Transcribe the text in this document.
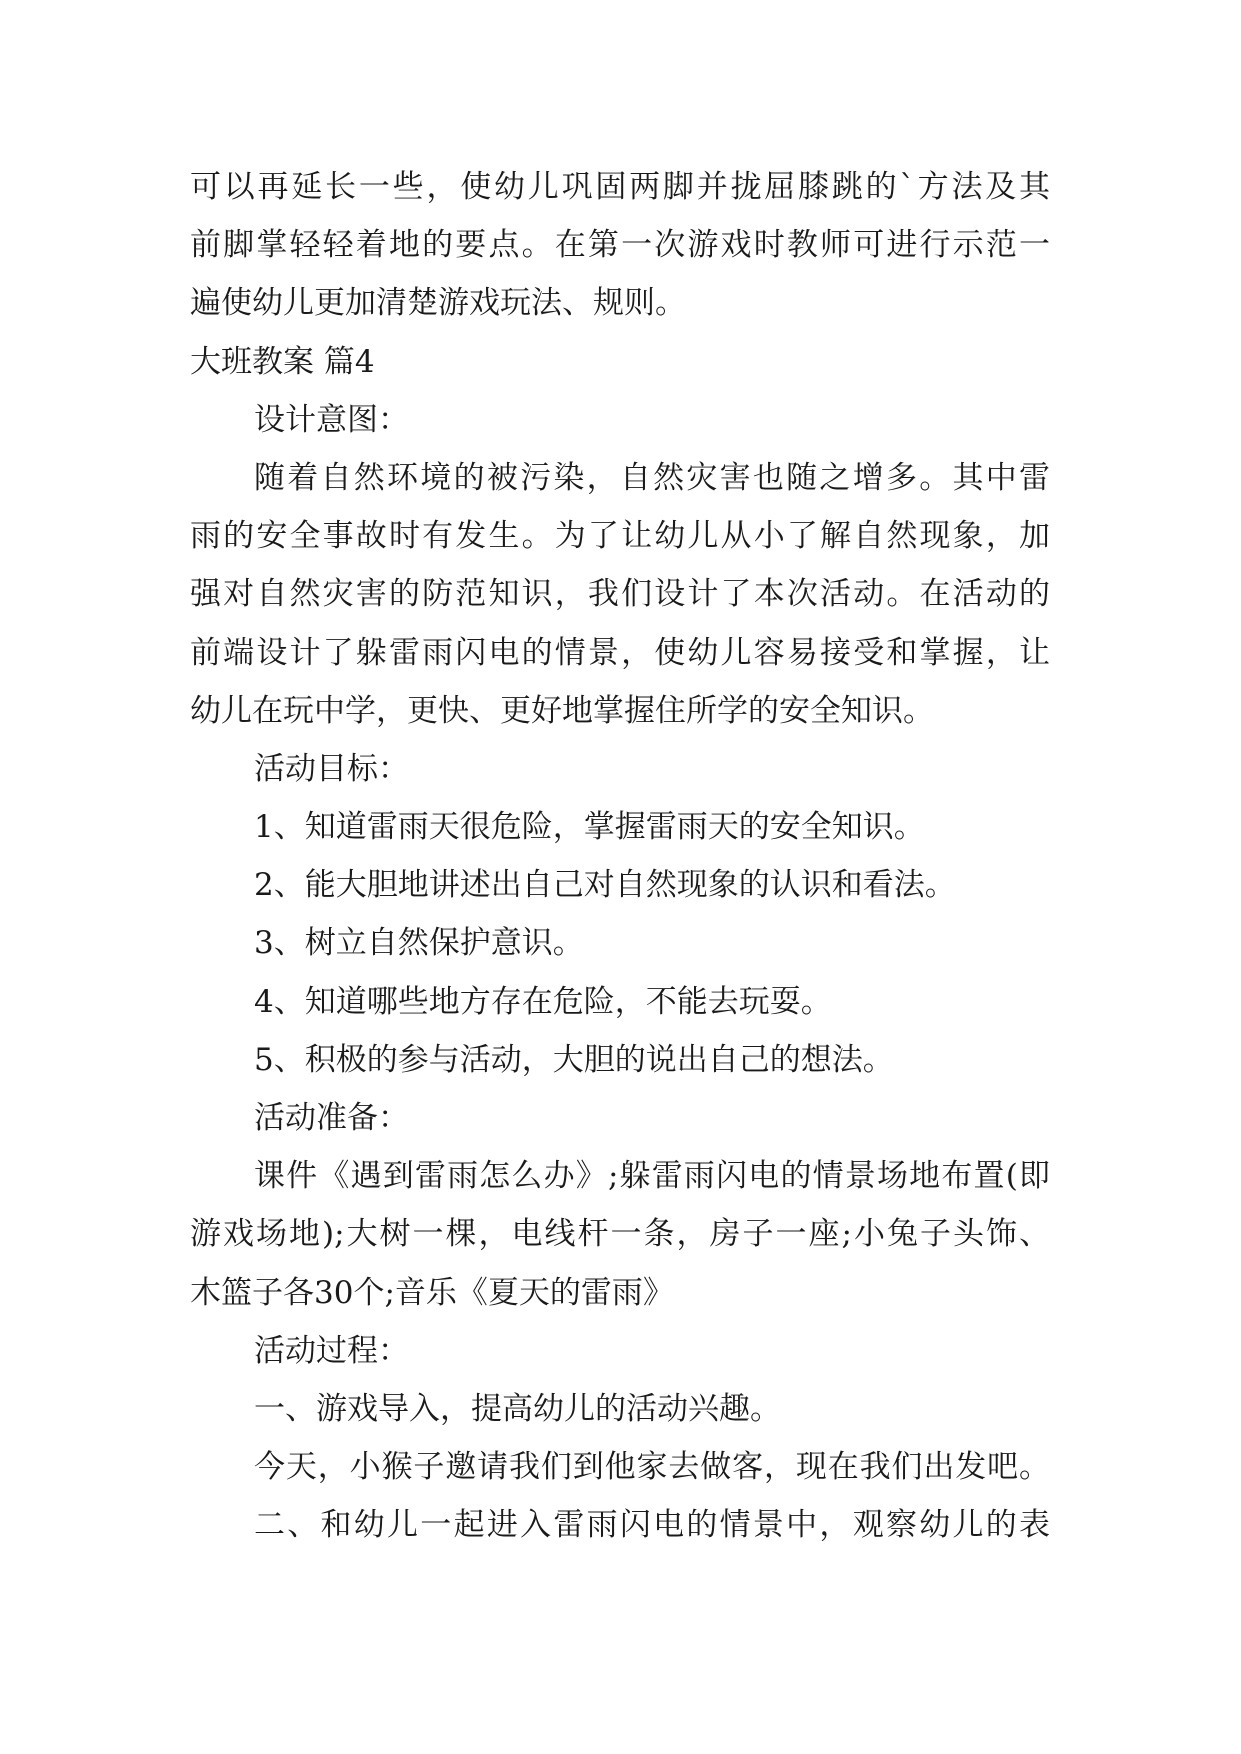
可以再延长一些，使幼儿巩固两脚并拢屈膝跳的`方法及其
前脚掌轻轻着地的要点。在第一次游戏时教师可进行示范一
遍使幼儿更加清楚游戏玩法、规则。
大班教案 篇4
设计意图：
随着自然环境的被污染，自然灾害也随之增多。其中雷
雨的安全事故时有发生。为了让幼儿从小了解自然现象，加
强对自然灾害的防范知识，我们设计了本次活动。在活动的
前端设计了躲雷雨闪电的情景，使幼儿容易接受和掌握，让
幼儿在玩中学，更快、更好地掌握住所学的安全知识。
活动目标：
1、知道雷雨天很危险，掌握雷雨天的安全知识。
2、能大胆地讲述出自己对自然现象的认识和看法。
3、树立自然保护意识。
4、知道哪些地方存在危险，不能去玩耍。
5、积极的参与活动，大胆的说出自己的想法。
活动准备：
课件《遇到雷雨怎么办》;躲雷雨闪电的情景场地布置(即
游戏场地);大树一棵，电线杆一条，房子一座;小兔子头饰、
木篮子各30个;音乐《夏天的雷雨》
活动过程：
一、游戏导入，提高幼儿的活动兴趣。
今天，小猴子邀请我们到他家去做客，现在我们出发吧。
二、和幼儿一起进入雷雨闪电的情景中，观察幼儿的表
